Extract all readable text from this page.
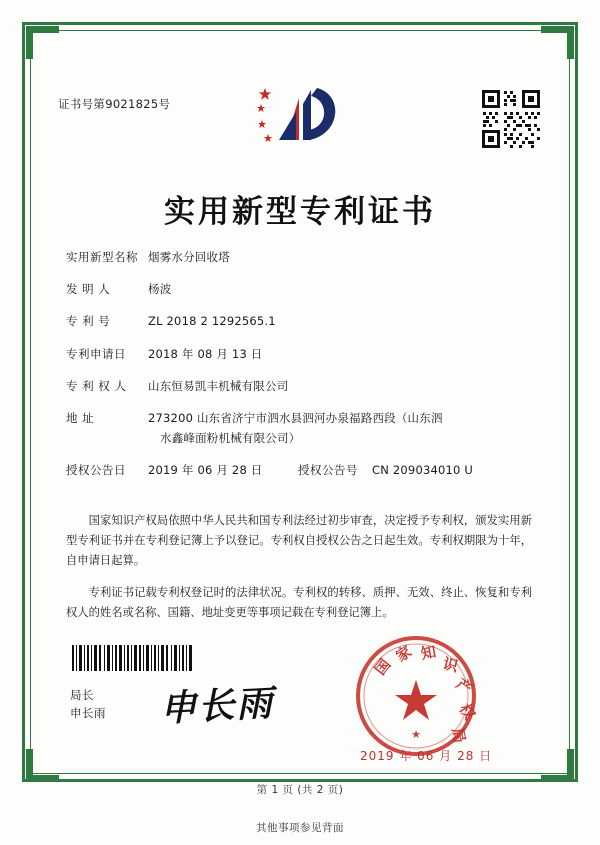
证书号第9021825号
实用新型专利证书
实用新型名称 烟雾水分回收塔
发 明 人	杨波
专 利 号	ZL 2018 2 1292565.1
专利申请日	2018 年 08 月 13 日
专 利 权 人	山东恒易凯丰机械有限公司
地 址	273200 山东省济宁市泗水县泗河办泉福路西段（山东泗
水鑫峰面粉机械有限公司）
授权公告日	2019 年 06 月 28 日	授权公告号	CN 209034010 U

国家知识产权局依照中华人民共和国专利法经过初步审查，决定授予专利权，颁发实用新型专利证书并在专利登记簿上予以登记。专利权自授权公告之日起生效。专利权期限为十年，自申请日起算。

专利证书记载专利权登记时的法律状况。专利权的转移、质押、无效、终止、恢复和专利权人的姓名或名称、国籍、地址变更等事项记载在专利登记簿上。

局长
申长雨 申长雨
国
家 知
识
产
权
局
★
2019 年 06 月 28 日
第 1 页 (共 2 页)
其他事项参见背面
